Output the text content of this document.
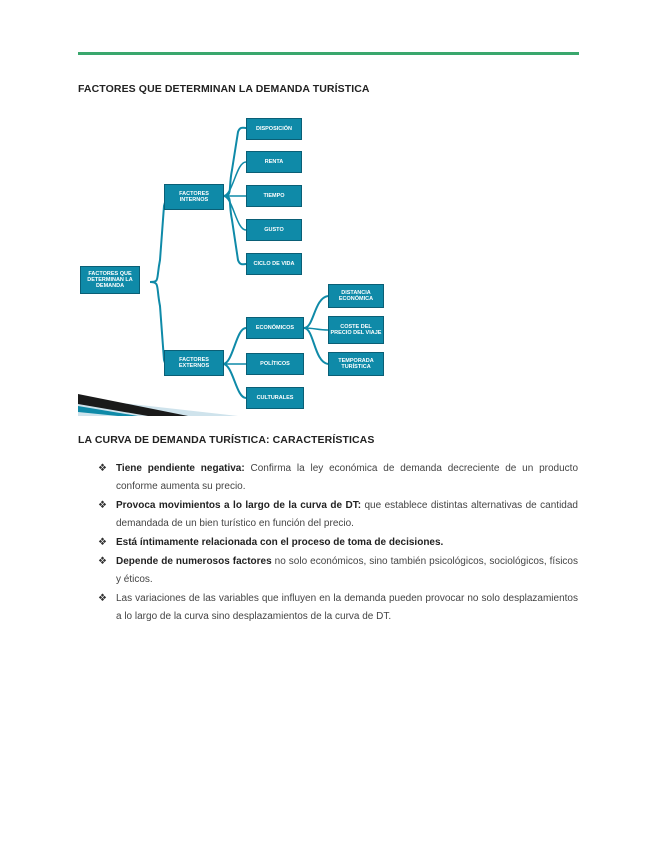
FACTORES QUE DETERMINAN LA DEMANDA TURÍSTICA
FACTORES QUE DETERMINAN LA DEMANDA
FACTORES INTERNOS
FACTORES EXTERNOS
DISPOSICIÓN
RENTA
TIEMPO
GUSTO
CICLO DE VIDA
ECONÓMICOS
POLÍTICOS
CULTURALES
DISTANCIA ECONÓMICA
COSTE DEL PRECIO DEL VIAJE
TEMPORADA TURÍSTICA
LA CURVA DE DEMANDA TURÍSTICA: CARACTERÍSTICAS
❖ Tiene pendiente negativa: Confirma la ley económica de demanda decreciente de un producto conforme aumenta su precio.
❖ Provoca movimientos a lo largo de la curva de DT: que establece distintas alternativas de cantidad demandada de un bien turístico en función del precio.
❖ Está íntimamente relacionada con el proceso de toma de decisiones.
❖ Depende de numerosos factores no solo económicos, sino también psicológicos, sociológicos, físicos y éticos.
❖ Las variaciones de las variables que influyen en la demanda pueden provocar no solo desplazamientos a lo largo de la curva sino desplazamientos de la curva de DT.
